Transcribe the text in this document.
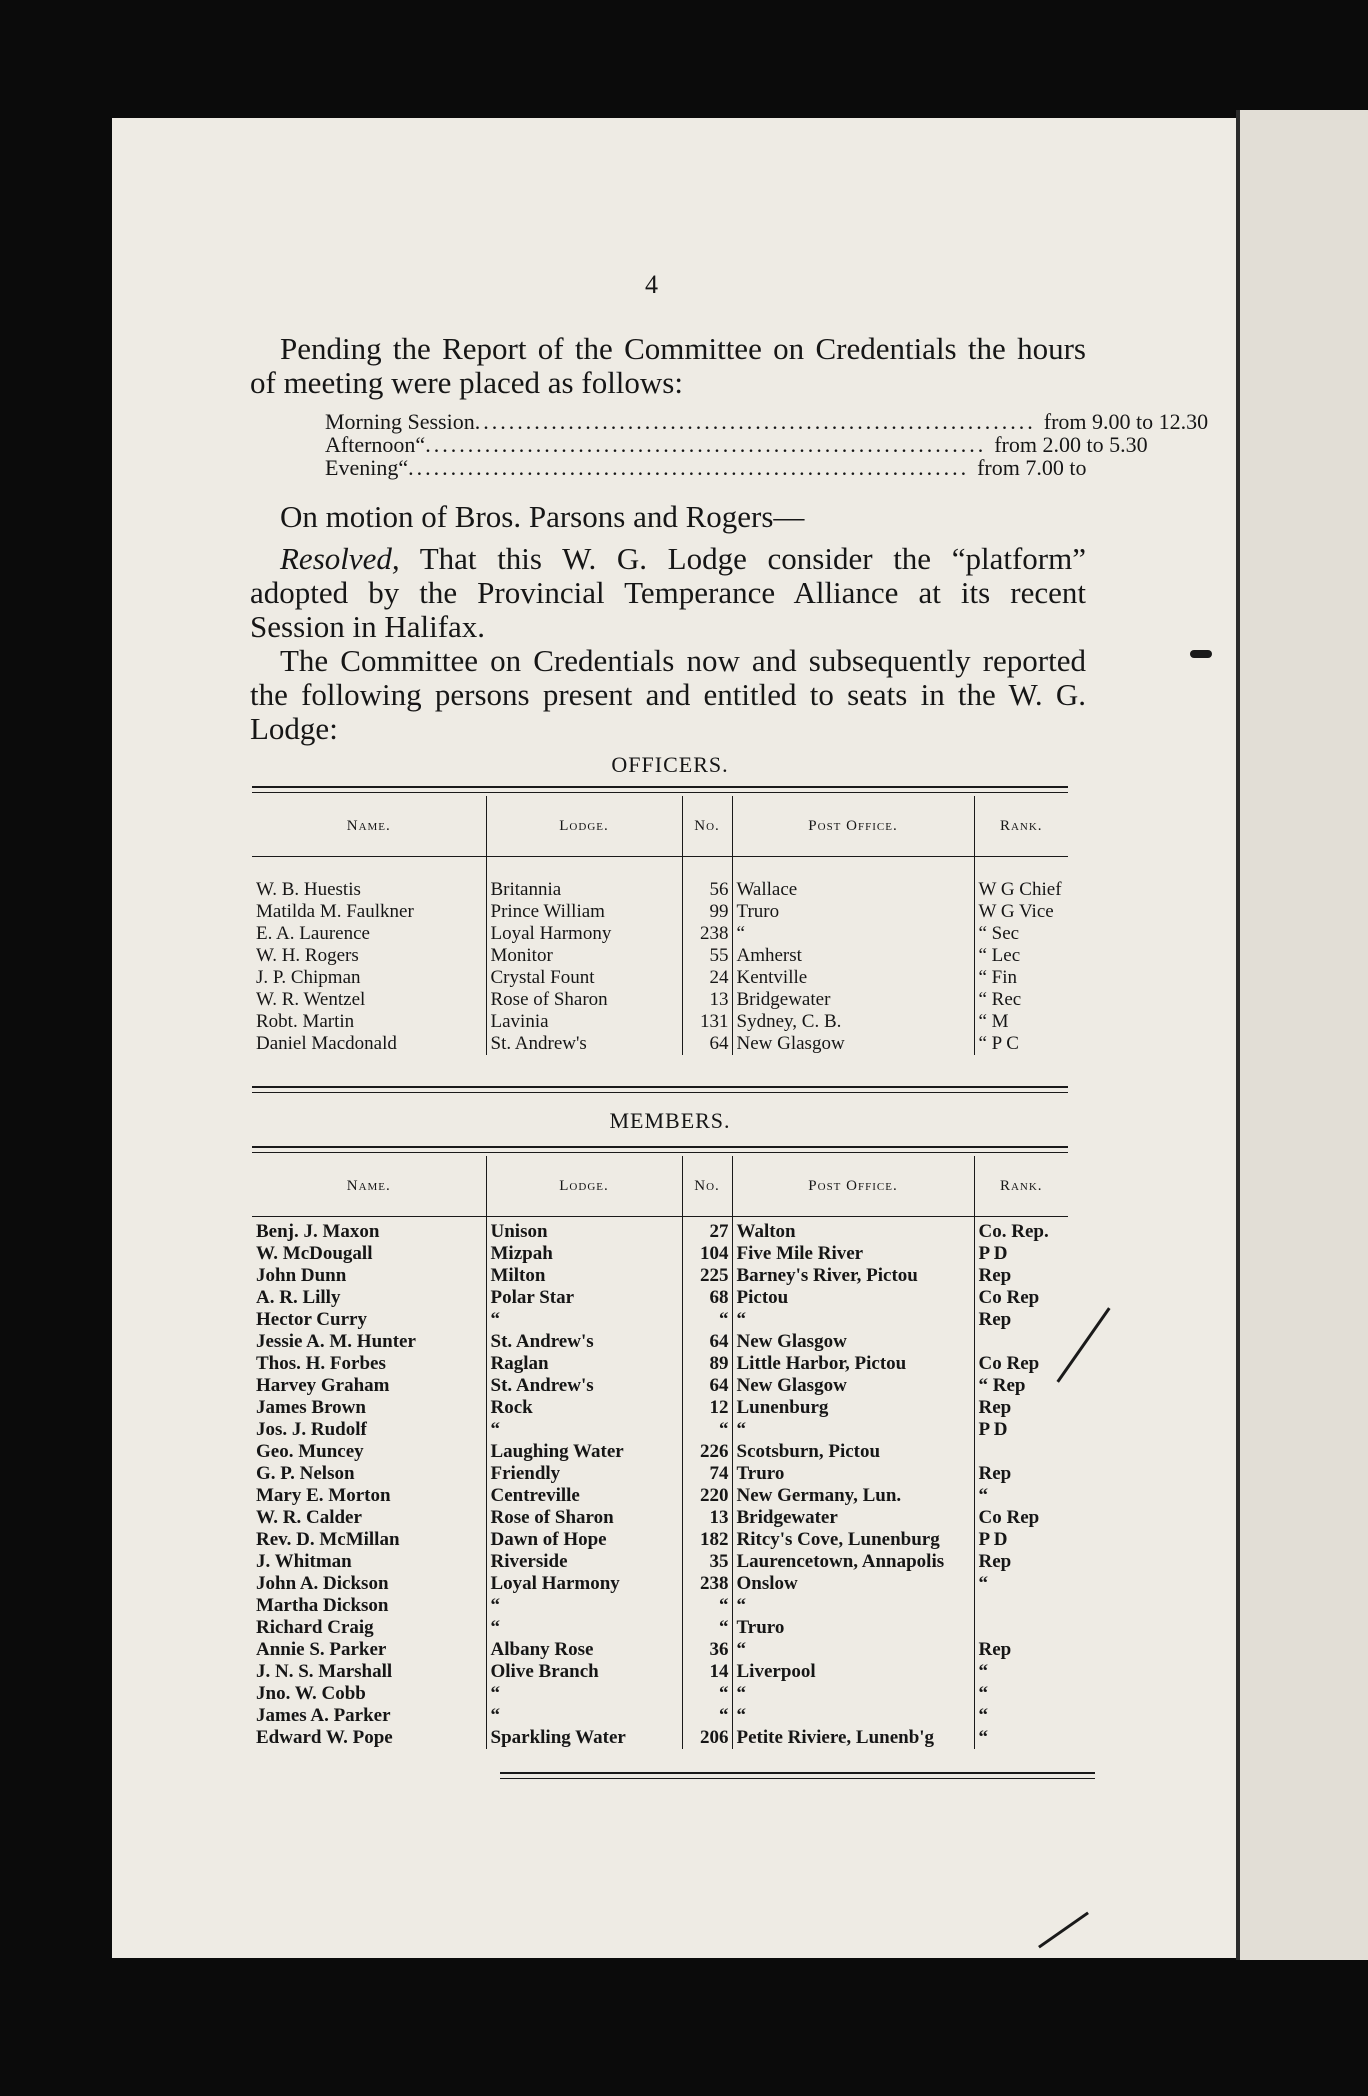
4
Pending the Report of the Committee on Credentials the hours of meeting were placed as follows:
Morning Session .................................................................. from 9.00 to 12.30
Afternoon “ .................................................................. from 2.00 to 5.30
Evening “ .................................................................. from 7.00 to
On motion of Bros. Parsons and Rogers—
Resolved, That this W. G. Lodge consider the “platform” adopted by the Provincial Temperance Alliance at its recent Session in Halifax.
The Committee on Credentials now and subsequently reported the following persons present and entitled to seats in the W. G. Lodge:
OFFICERS.
Name.	Lodge.	No.	Post Office.	Rank.

W. B. Huestis	Britannia	56	Wallace	W G Chief
Matilda M. Faulkner	Prince William	99	Truro	W G Vice
E. A. Laurence	Loyal Harmony	238	“	“ Sec
W. H. Rogers	Monitor	55	Amherst	“ Lec
J. P. Chipman	Crystal Fount	24	Kentville	“ Fin
W. R. Wentzel	Rose of Sharon	13	Bridgewater	“ Rec
Robt. Martin	Lavinia	131	Sydney, C. B.	“ M
Daniel Macdonald	St. Andrew's	64	New Glasgow	“ P C
MEMBERS.
Name.	Lodge.	No.	Post Office.	Rank.

Benj. J. Maxon	Unison	27	Walton	Co. Rep.
W. McDougall	Mizpah	104	Five Mile River	P D
John Dunn	Milton	225	Barney's River, Pictou	Rep
A. R. Lilly	Polar Star	68	Pictou	Co Rep
Hector Curry	“	“	“	Rep
Jessie A. M. Hunter	St. Andrew's	64	New Glasgow	
Thos. H. Forbes	Raglan	89	Little Harbor, Pictou	Co Rep
Harvey Graham	St. Andrew's	64	New Glasgow	“ Rep
James Brown	Rock	12	Lunenburg	Rep
Jos. J. Rudolf	“	“	“	P D
Geo. Muncey	Laughing Water	226	Scotsburn, Pictou	
G. P. Nelson	Friendly	74	Truro	Rep
Mary E. Morton	Centreville	220	New Germany, Lun.	“
W. R. Calder	Rose of Sharon	13	Bridgewater	Co Rep
Rev. D. McMillan	Dawn of Hope	182	Ritcy's Cove, Lunenburg	P D
J. Whitman	Riverside	35	Laurencetown, Annapolis	Rep
John A. Dickson	Loyal Harmony	238	Onslow	“
Martha Dickson	“	“	“	
Richard Craig	“	“	Truro	
Annie S. Parker	Albany Rose	36	“	Rep
J. N. S. Marshall	Olive Branch	14	Liverpool	“
Jno. W. Cobb	“	“	“	“
James A. Parker	“	“	“	“
Edward W. Pope	Sparkling Water	206	Petite Riviere, Lunenb'g	“
